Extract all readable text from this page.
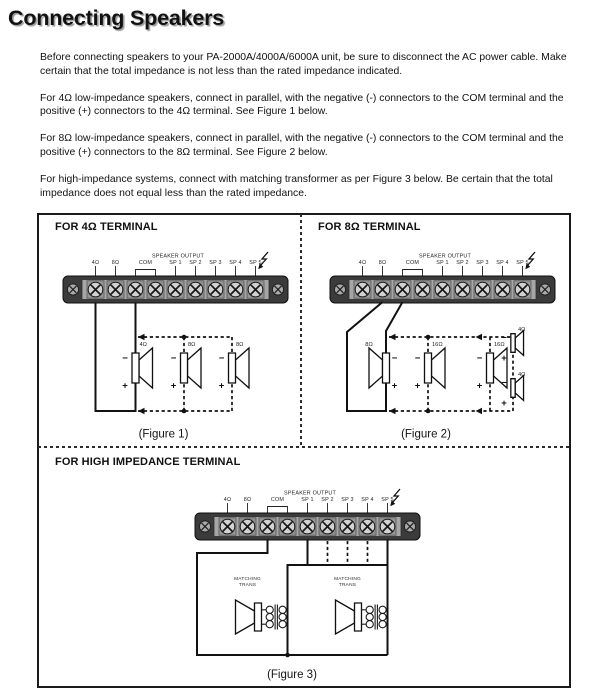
Connecting Speakers

Before connecting speakers to your PA-2000A/4000A/6000A unit, be sure to disconnect the AC power cable. Make certain that the total impedance is not less than the rated impedance indicated.

For 4Ω low-impedance speakers, connect in parallel, with the negative (-) connectors to the COM terminal and the positive (+) connectors to the 4Ω terminal. See Figure 1 below.

For 8Ω low-impedance speakers, connect in parallel, with the negative (-) connectors to the COM terminal and the positive (+) connectors to the 8Ω terminal. See Figure 2 below.

For high-impedance systems, connect with matching transformer as per Figure 3 below. Be certain that the total impedance does not equal less than the rated impedance.

FOR 4Ω TERMINAL	FOR 8Ω TERMINAL
FOR HIGH IMPEDANCE TERMINAL
4Ω	8Ω	8Ω
−
+
−
+
−
+
(Figure 1)
8Ω	16Ω	16Ω
4Ω
4Ω
−
+
−
+
−
+
−
+
−
+
(Figure 2)
(Figure 3)
